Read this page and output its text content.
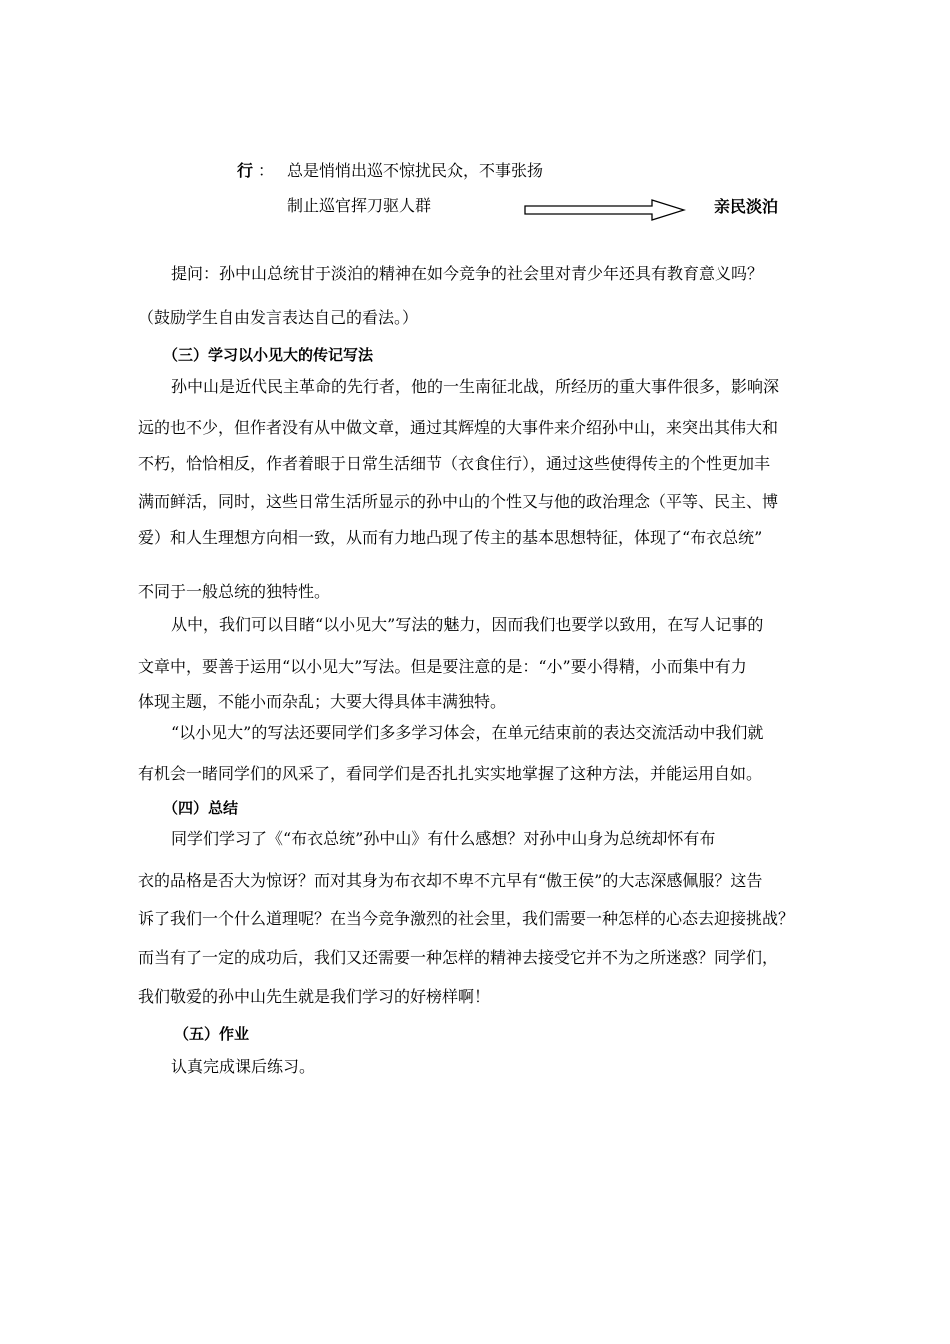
行 ： 总是悄悄出巡不惊扰民众，不事张扬
制止巡官挥刀驱人群	亲民淡泊
提问：孙中山总统甘于淡泊的精神在如今竞争的社会里对青少年还具有教育意义吗？
（鼓励学生自由发言表达自己的看法。）
（三）学习以小见大的传记写法
孙中山是近代民主革命的先行者，他的一生南征北战，所经历的重大事件很多，影响深
远的也不少，但作者没有从中做文章，通过其辉煌的大事件来介绍孙中山，来突出其伟大和
不朽，恰恰相反，作者着眼于日常生活细节（衣食住行），通过这些使得传主的个性更加丰
满而鲜活，同时，这些日常生活所显示的孙中山的个性又与他的政治理念（平等、民主、博
爱）和人生理想方向相一致，从而有力地凸现了传主的基本思想特征，体现了“布衣总统”
不同于一般总统的独特性。
从中，我们可以目睹“以小见大”写法的魅力，因而我们也要学以致用，在写人记事的
文章中，要善于运用“以小见大”写法。但是要注意的是：“小”要小得精，小而集中有力
体现主题，不能小而杂乱；大要大得具体丰满独特。
“以小见大”的写法还要同学们多多学习体会，在单元结束前的表达交流活动中我们就
有机会一睹同学们的风采了，看同学们是否扎扎实实地掌握了这种方法，并能运用自如。
（四）总结
同学们学习了《“布衣总统”孙中山》有什么感想？对孙中山身为总统却怀有布
衣的品格是否大为惊讶？而对其身为布衣却不卑不亢早有“傲王侯”的大志深感佩服？这告
诉了我们一个什么道理呢？在当今竞争激烈的社会里，我们需要一种怎样的心态去迎接挑战？
而当有了一定的成功后，我们又还需要一种怎样的精神去接受它并不为之所迷惑？同学们，
我们敬爱的孙中山先生就是我们学习的好榜样啊！
（五）作业
认真完成课后练习。
